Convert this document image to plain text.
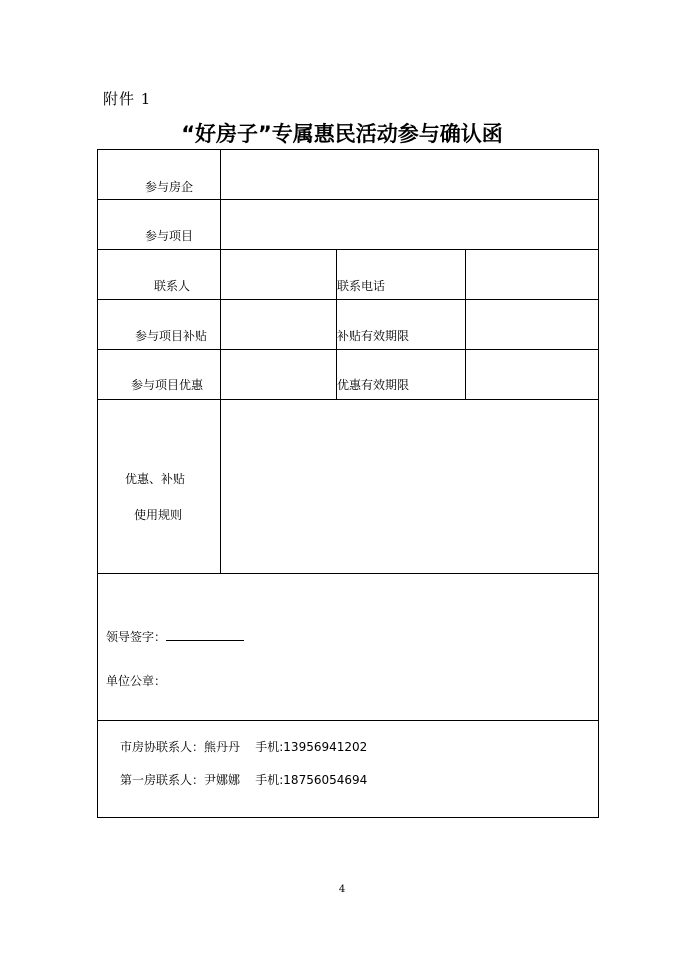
附件 1
“好房子”专属惠民活动参与确认函
参与房企
参与项目
联系人	联系电话
参与项目补贴	补贴有效期限
参与项目优惠	优惠有效期限
优惠、补贴
使用规则
领导签字：
单位公章：
市房协联系人：熊丹丹    手机:13956941202
第一房联系人：尹娜娜    手机:18756054694
4
